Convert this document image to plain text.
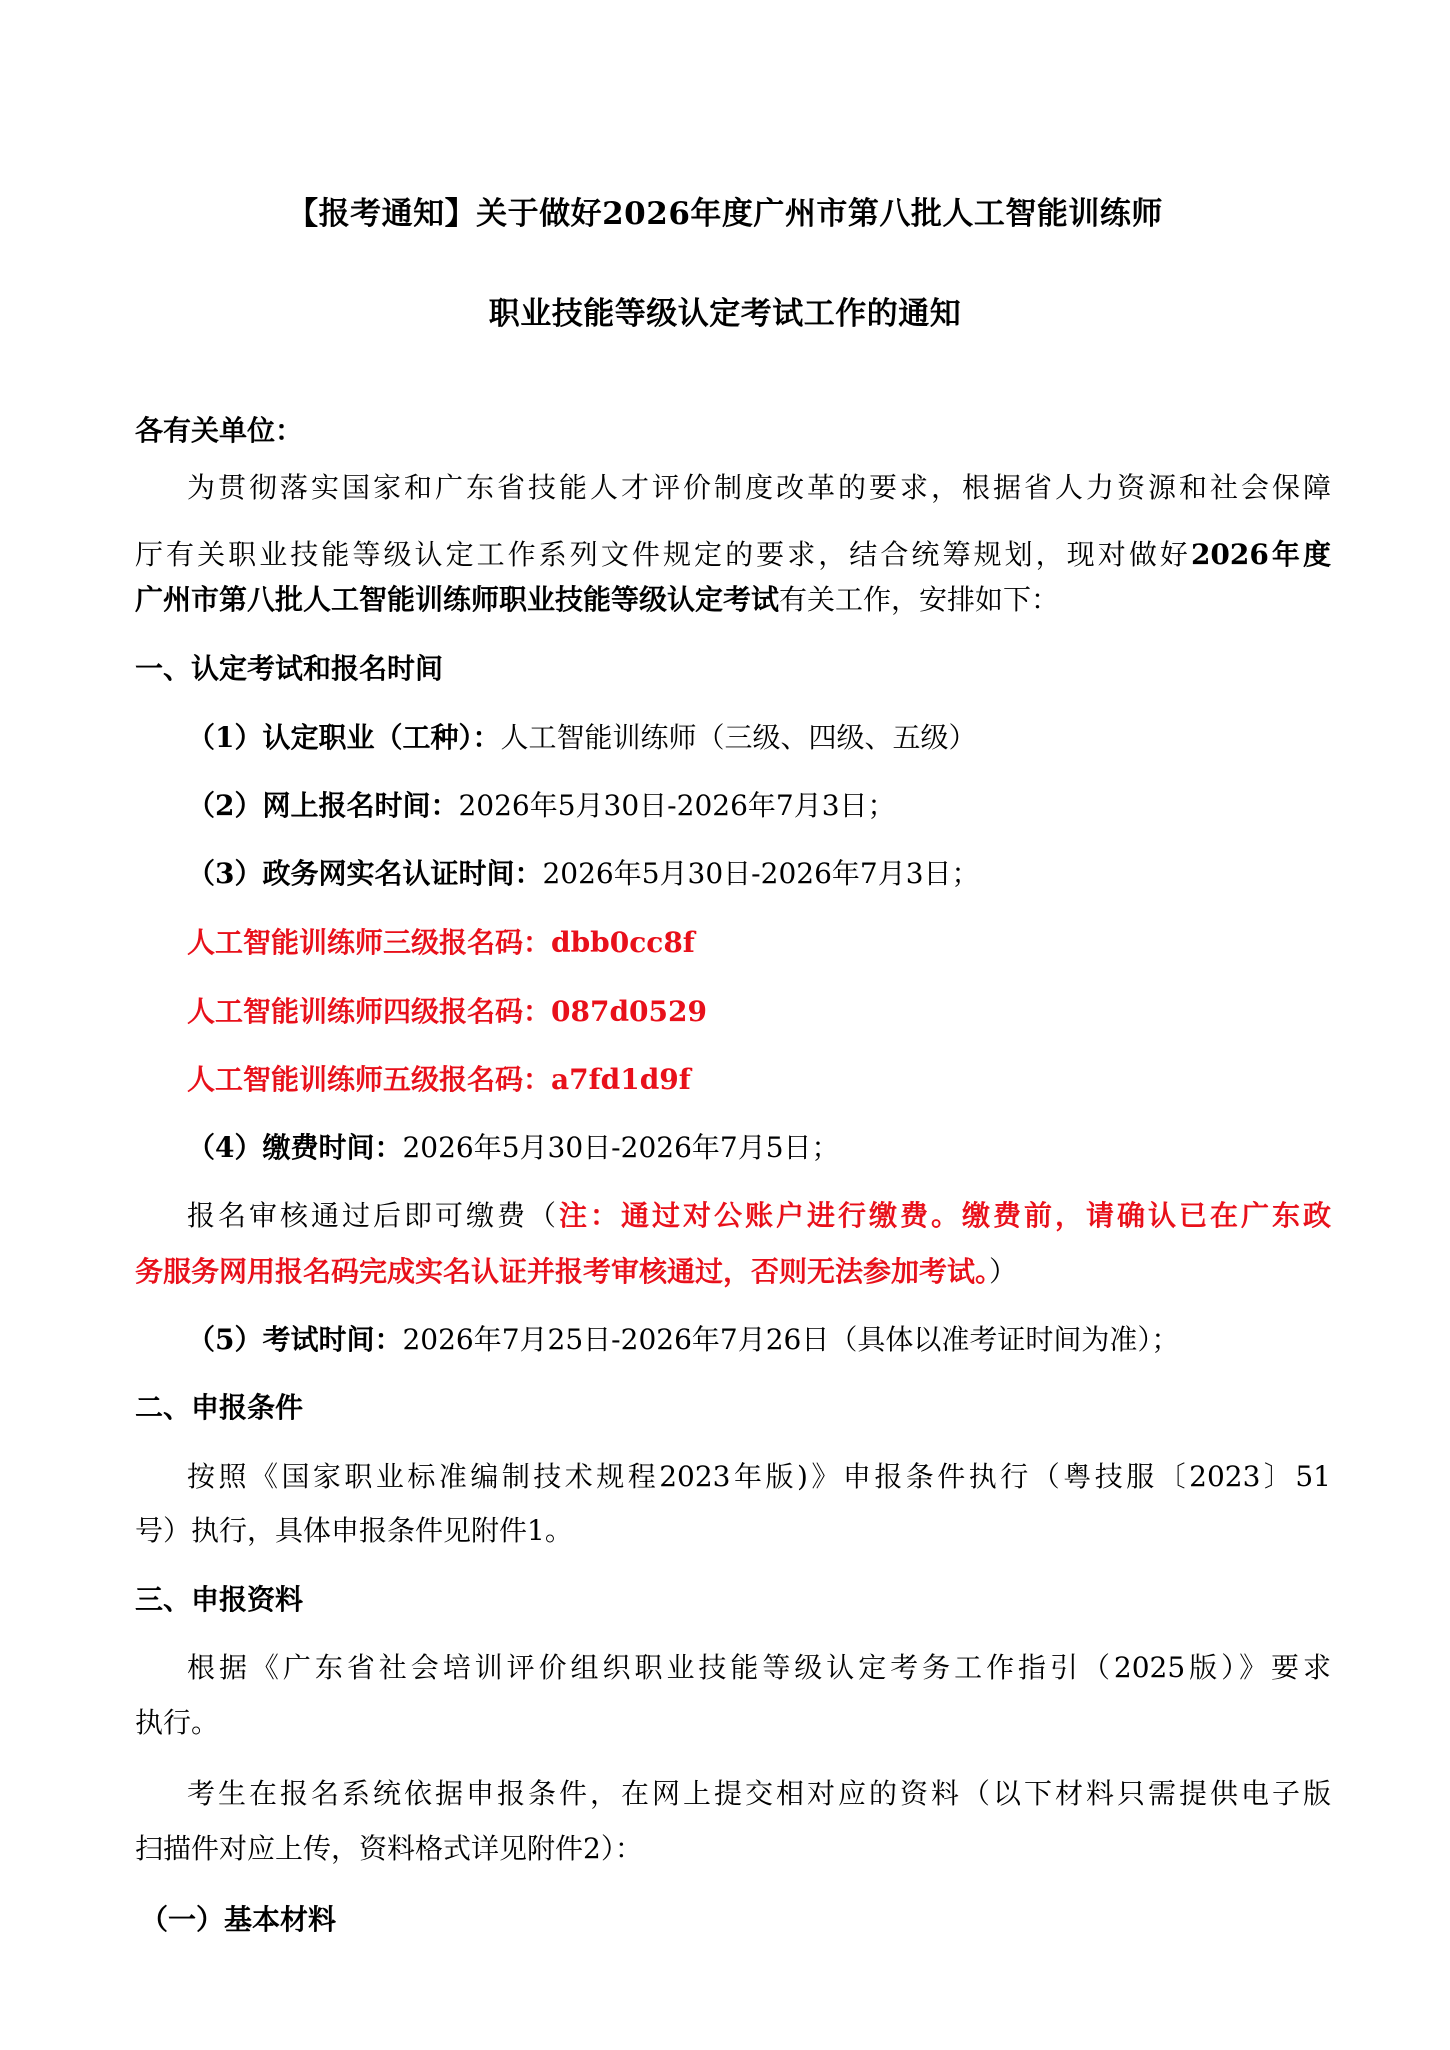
【报考通知】关于做好2026年度广州市第八批人工智能训练师
职业技能等级认定考试工作的通知
各有关单位：
为贯彻落实国家和广东省技能人才评价制度改革的要求，根据省人力资源和社会保障
厅有关职业技能等级认定工作系列文件规定的要求，结合统筹规划，现对做好2026年度
广州市第八批人工智能训练师职业技能等级认定考试有关工作，安排如下：
一、认定考试和报名时间
（1）认定职业（工种）：人工智能训练师（三级、四级、五级）
（2）网上报名时间：2026年5月30日-2026年7月3日；
（3）政务网实名认证时间：2026年5月30日-2026年7月3日；
人工智能训练师三级报名码：dbb0cc8f
人工智能训练师四级报名码：087d0529
人工智能训练师五级报名码：a7fd1d9f
（4）缴费时间：2026年5月30日-2026年7月5日；
报名审核通过后即可缴费（注：通过对公账户进行缴费。缴费前，请确认已在广东政
务服务网用报名码完成实名认证并报考审核通过，否则无法参加考试。）
（5）考试时间：2026年7月25日-2026年7月26日（具体以准考证时间为准）；
二、申报条件
按照《国家职业标准编制技术规程2023年版)》申报条件执行（粤技服〔2023〕51
号）执行，具体申报条件见附件1。
三、申报资料
根据《广东省社会培训评价组织职业技能等级认定考务工作指引（2025版）》要求
执行。
考生在报名系统依据申报条件，在网上提交相对应的资料（以下材料只需提供电子版
扫描件对应上传，资料格式详见附件2）：
（一）基本材料
